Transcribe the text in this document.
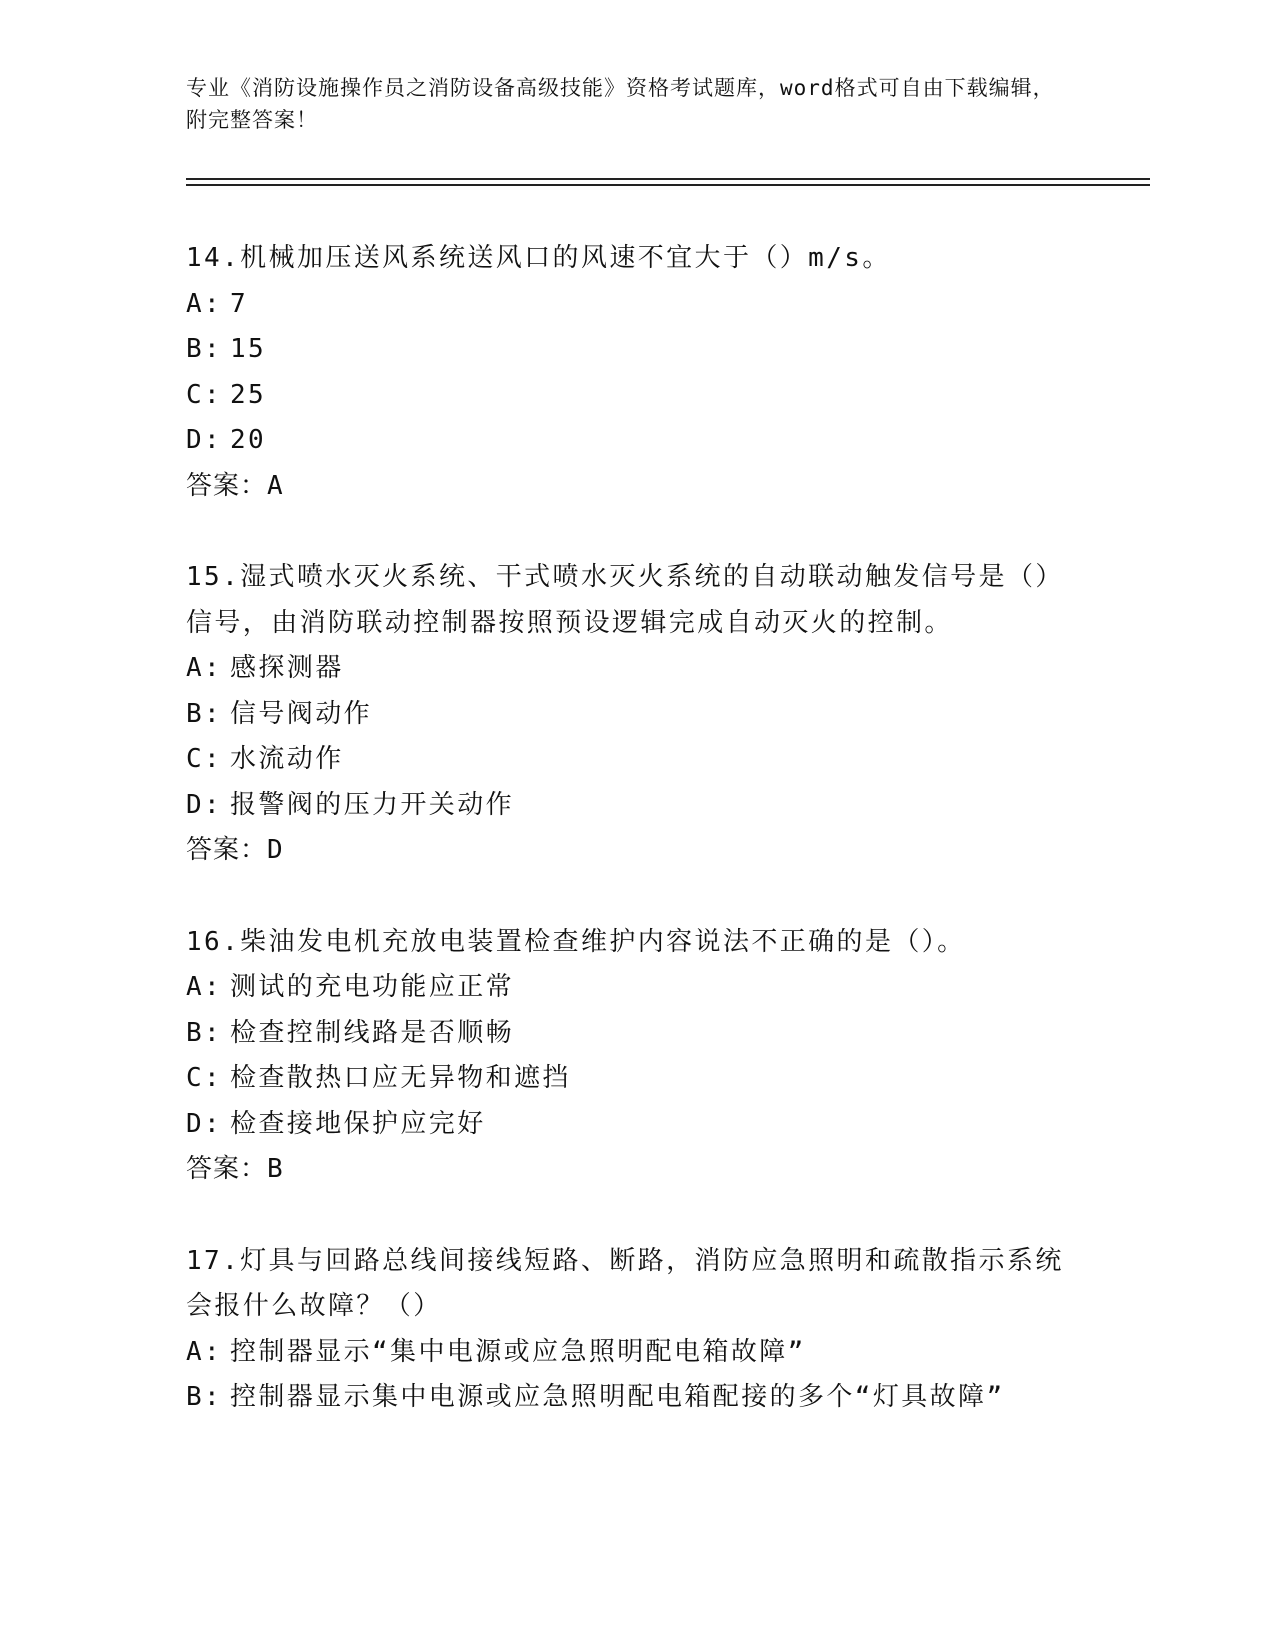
专业《消防设施操作员之消防设备高级技能》资格考试题库，word格式可自由下载编辑，附完整答案！
14.机械加压送风系统送风口的风速不宜大于（）m/s。
A: 7
B: 15
C: 25
D: 20
答案：A
15.湿式喷水灭火系统、干式喷水灭火系统的自动联动触发信号是（）信号，由消防联动控制器按照预设逻辑完成自动灭火的控制。
A: 感探测器
B: 信号阀动作
C: 水流动作
D: 报警阀的压力开关动作
答案：D
16.柴油发电机充放电装置检查维护内容说法不正确的是（）。
A: 测试的充电功能应正常
B: 检查控制线路是否顺畅
C: 检查散热口应无异物和遮挡
D: 检查接地保护应完好
答案：B
17.灯具与回路总线间接线短路、断路，消防应急照明和疏散指示系统会报什么故障？（）
A: 控制器显示“集中电源或应急照明配电箱故障”
B: 控制器显示集中电源或应急照明配电箱配接的多个“灯具故障”
